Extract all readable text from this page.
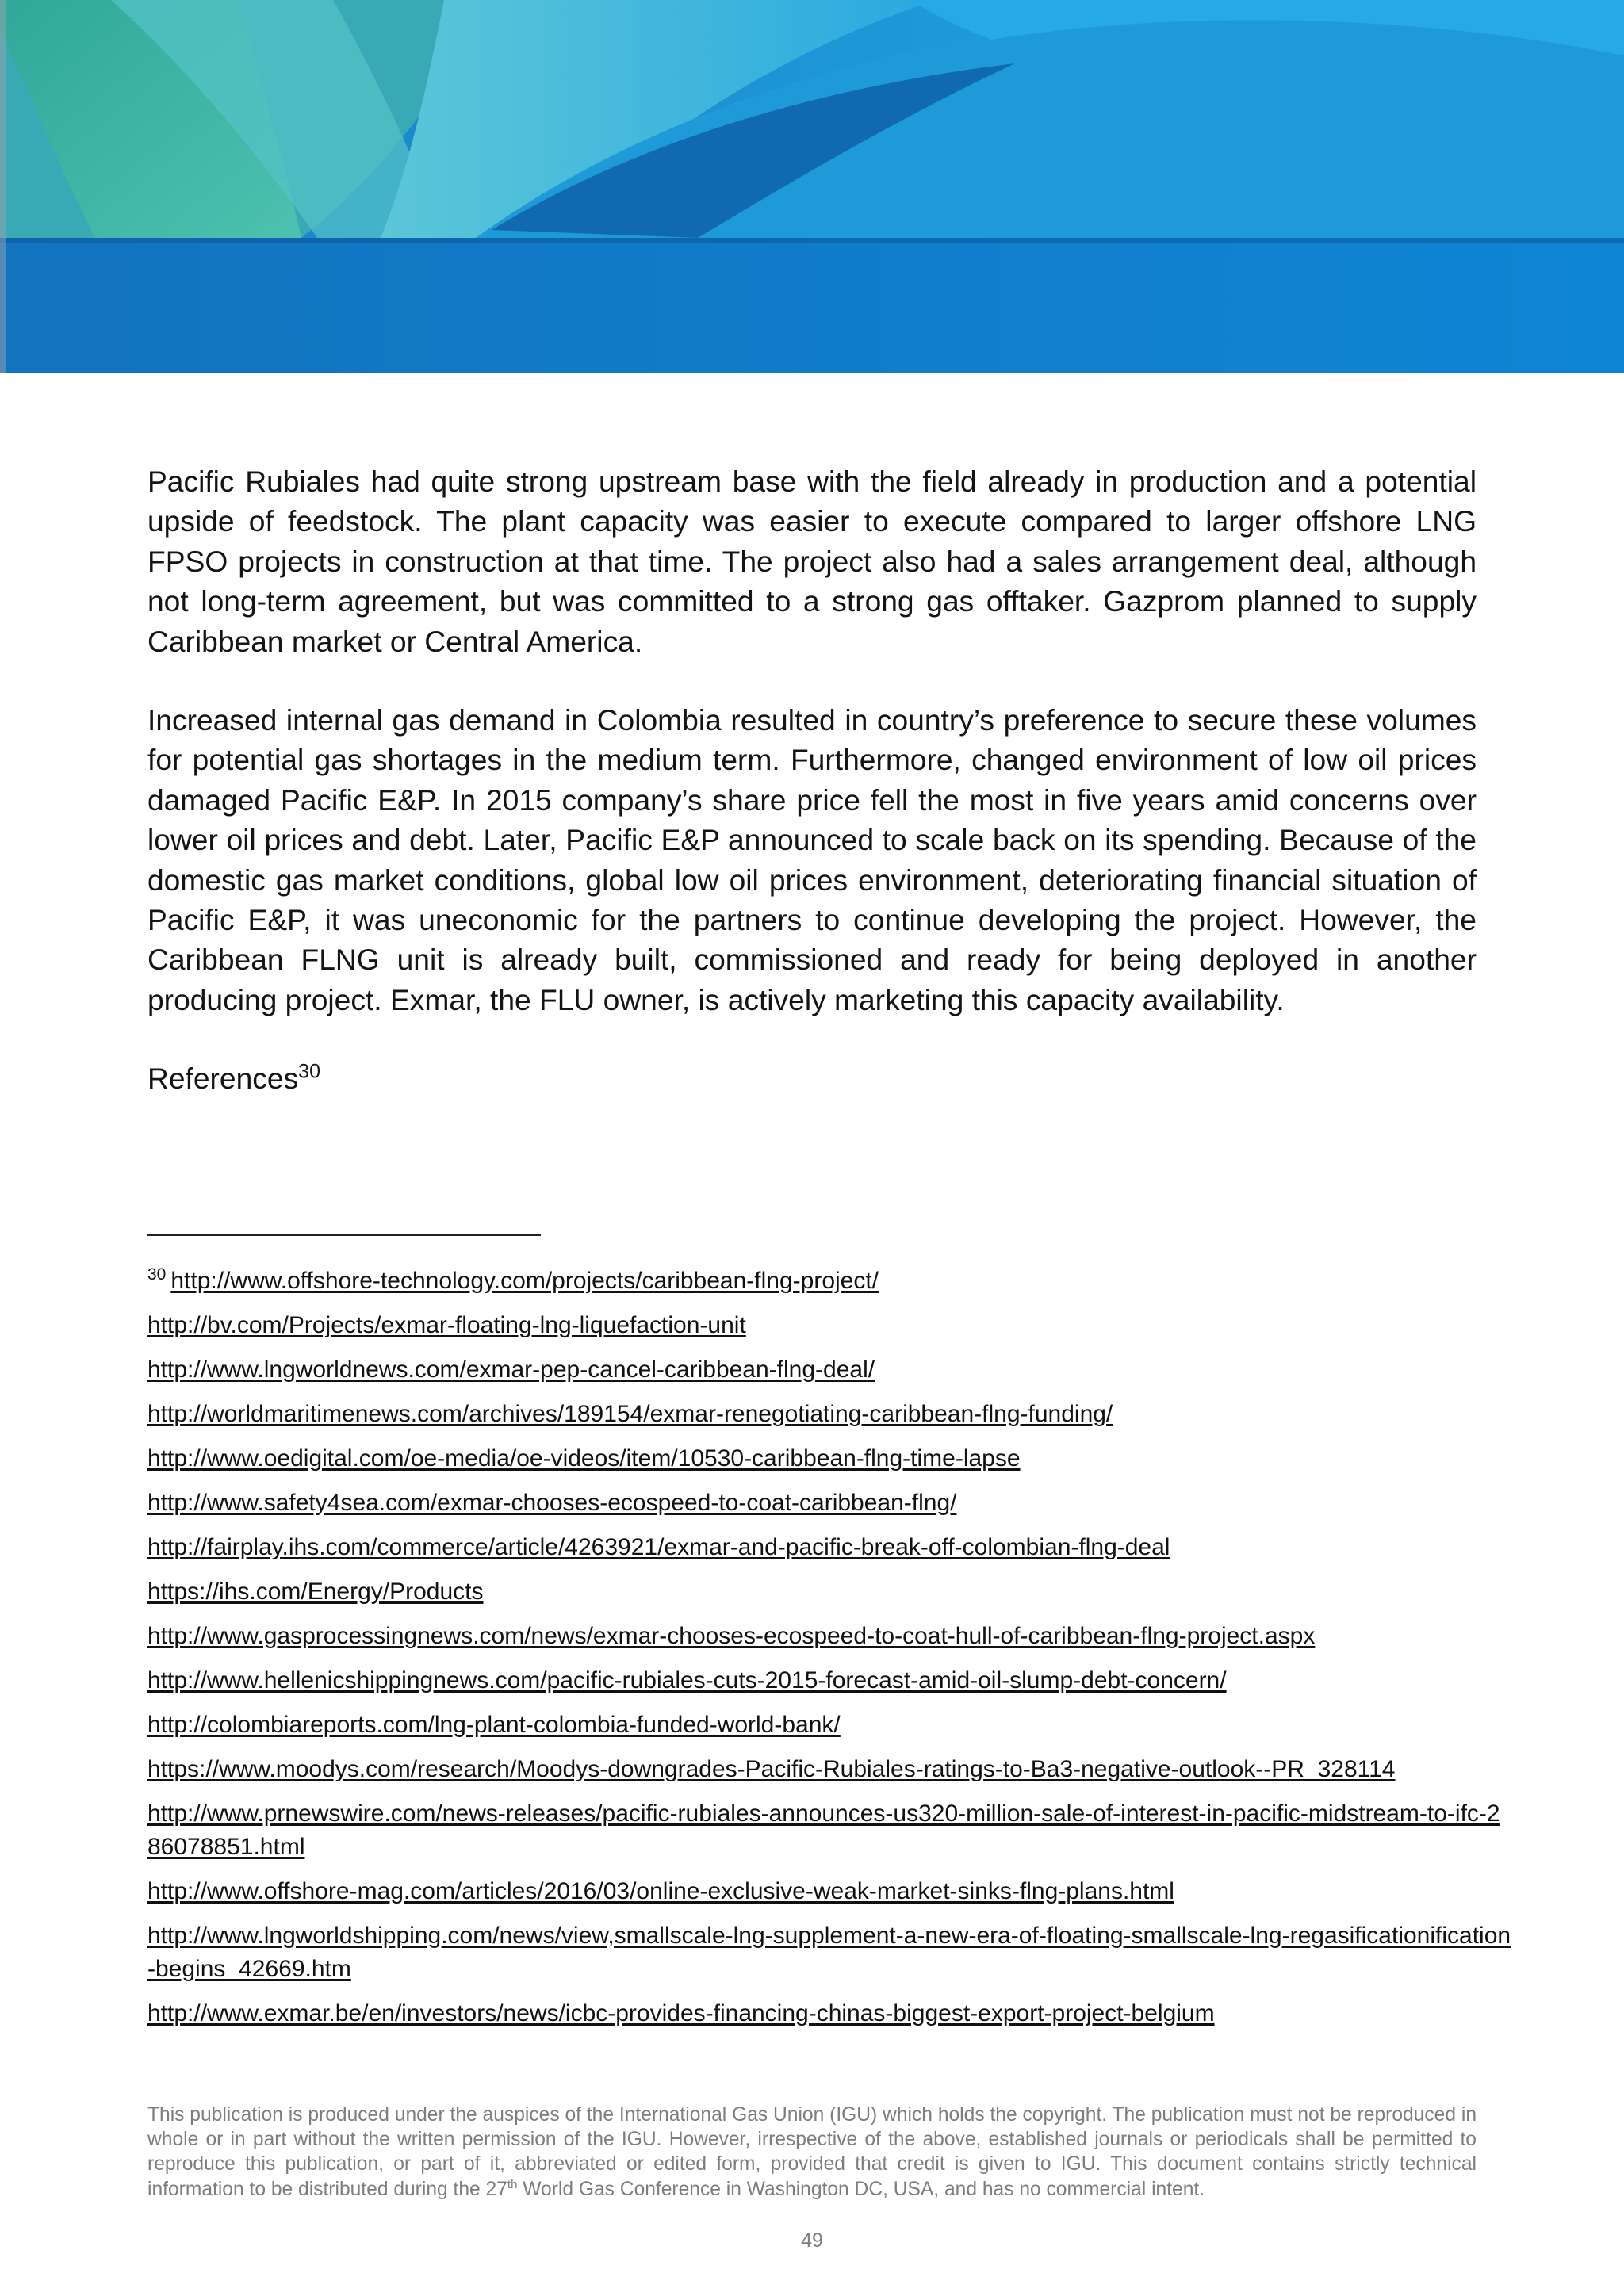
Pacific Rubiales had quite strong upstream base with the field already in production and a potential upside of feedstock. The plant capacity was easier to execute compared to larger offshore LNG FPSO projects in construction at that time. The project also had a sales arrangement deal, although not long-term agreement, but was committed to a strong gas offtaker. Gazprom planned to supply Caribbean market or Central America.

Increased internal gas demand in Colombia resulted in country’s preference to secure these volumes for potential gas shortages in the medium term. Furthermore, changed environment of low oil prices damaged Pacific E&P. In 2015 company’s share price fell the most in five years amid concerns over lower oil prices and debt. Later, Pacific E&P announced to scale back on its spending. Because of the domestic gas market conditions, global low oil prices environment, deteriorating financial situation of Pacific E&P, it was uneconomic for the partners to continue developing the project. However, the Caribbean FLNG unit is already built, commissioned and ready for being deployed in another producing project. Exmar, the FLU owner, is actively marketing this capacity availability.

References$^{30}$

$^{30}$ http://www.offshore-technology.com/projects/caribbean-flng-project/
http://bv.com/Projects/exmar-floating-lng-liquefaction-unit
http://www.lngworldnews.com/exmar-pep-cancel-caribbean-flng-deal/
http://worldmaritimenews.com/archives/189154/exmar-renegotiating-caribbean-flng-funding/
http://www.oedigital.com/oe-media/oe-videos/item/10530-caribbean-flng-time-lapse
http://www.safety4sea.com/exmar-chooses-ecospeed-to-coat-caribbean-flng/
http://fairplay.ihs.com/commerce/article/4263921/exmar-and-pacific-break-off-colombian-flng-deal
https://ihs.com/Energy/Products
http://www.gasprocessingnews.com/news/exmar-chooses-ecospeed-to-coat-hull-of-caribbean-flng-project.aspx
http://www.hellenicshippingnews.com/pacific-rubiales-cuts-2015-forecast-amid-oil-slump-debt-concern/
http://colombiareports.com/lng-plant-colombia-funded-world-bank/
https://www.moodys.com/research/Moodys-downgrades-Pacific-Rubiales-ratings-to-Ba3-negative-outlook--PR_328114
http://www.prnewswire.com/news-releases/pacific-rubiales-announces-us320-million-sale-of-interest-in-pacific-midstream-to-ifc-286078851.html
http://www.offshore-mag.com/articles/2016/03/online-exclusive-weak-market-sinks-flng-plans.html
http://www.lngworldshipping.com/news/view,smallscale-lng-supplement-a-new-era-of-floating-smallscale-lng-regasificationification-begins_42669.htm
http://www.exmar.be/en/investors/news/icbc-provides-financing-chinas-biggest-export-project-belgium

This publication is produced under the auspices of the International Gas Union (IGU) which holds the copyright. The publication must not be reproduced in whole or in part without the written permission of the IGU. However, irrespective of the above, established journals or periodicals shall be permitted to reproduce this publication, or part of it, abbreviated or edited form, provided that credit is given to IGU. This document contains strictly technical information to be distributed during the 27th World Gas Conference in Washington DC, USA, and has no commercial intent.

49
